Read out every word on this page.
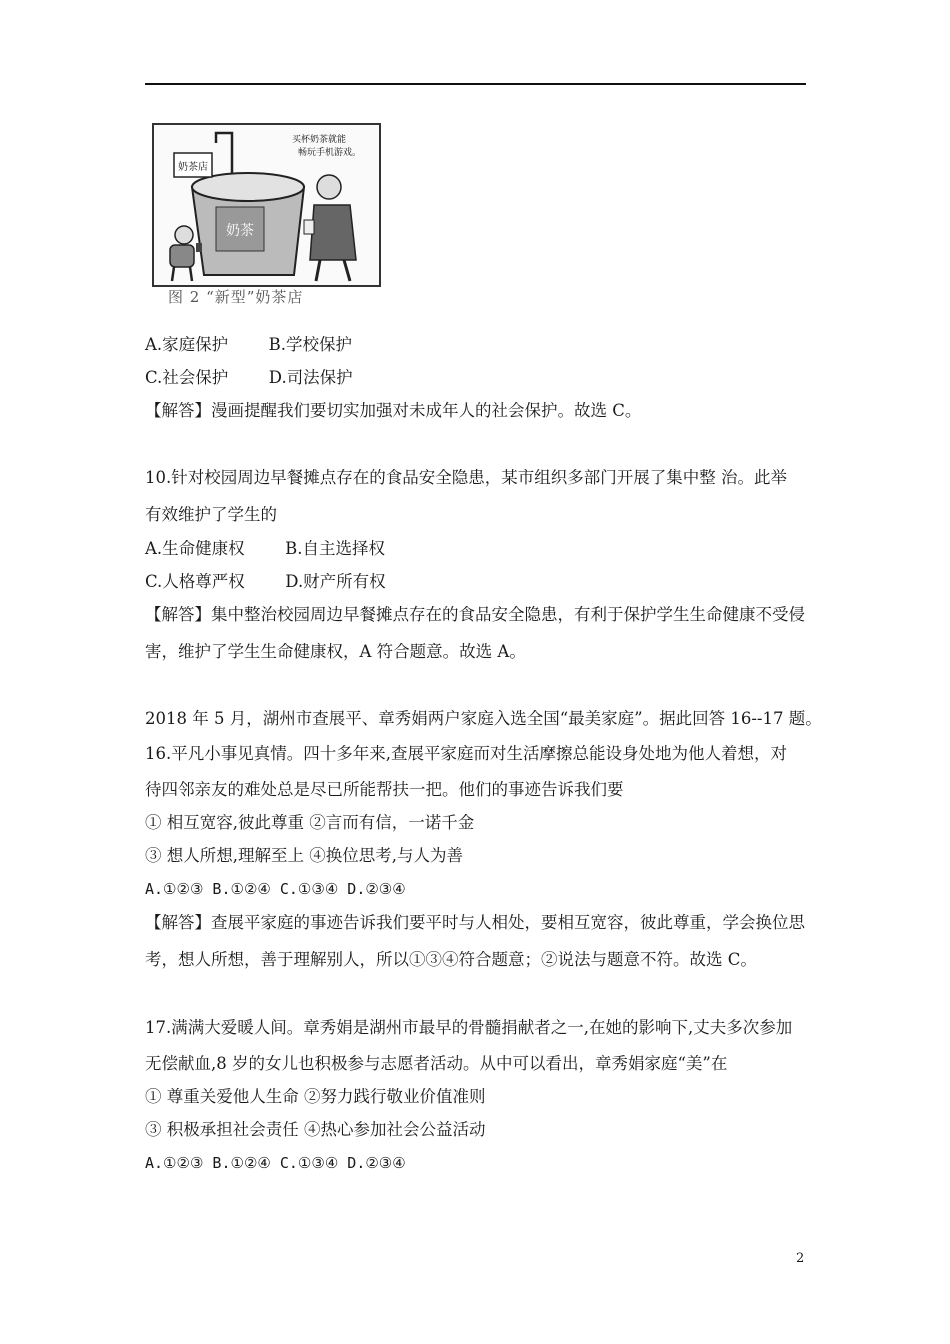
奶茶
奶茶店
买杯奶茶就能
畅玩手机游戏。
图 2 “新型”奶茶店
A.家庭保护 B.学校保护
C.社会保护 D.司法保护
【解答】漫画提醒我们要切实加强对未成年人的社会保护。故选 C。
10.针对校园周边早餐摊点存在的食品安全隐患，某市组织多部门开展了集中整 治。此举
有效维护了学生的
A.生命健康权 B.自主选择权
C.人格尊严权 D.财产所有权
【解答】集中整治校园周边早餐摊点存在的食品安全隐患，有利于保护学生生命健康不受侵
害，维护了学生生命健康权，A 符合题意。故选 A。
2018 年 5 月，湖州市查展平、章秀娟两户家庭入选全国“最美家庭”。据此回答 16--17 题。
16.平凡小事见真情。四十多年来,查展平家庭而对生活摩擦总能设身处地为他人着想，对
待四邻亲友的难处总是尽已所能帮扶一把。他们的事迹告诉我们要
① 相互宽容,彼此尊重 ②言而有信，一诺千金
③ 想人所想,理解至上 ④换位思考,与人为善
A.①②③ B.①②④ C.①③④ D.②③④
【解答】查展平家庭的事迹告诉我们要平时与人相处，要相互宽容，彼此尊重，学会换位思
考，想人所想，善于理解别人，所以①③④符合题意；②说法与题意不符。故选 C。
17.满满大爱暖人间。章秀娟是湖州市最早的骨髓捐献者之一,在她的影响下,丈夫多次参加
无偿献血,8 岁的女儿也积极参与志愿者活动。从中可以看出，章秀娟家庭“美”在
① 尊重关爱他人生命 ②努力践行敬业价值准则
③ 积极承担社会责任 ④热心参加社会公益活动
A.①②③ B.①②④ C.①③④ D.②③④
2
